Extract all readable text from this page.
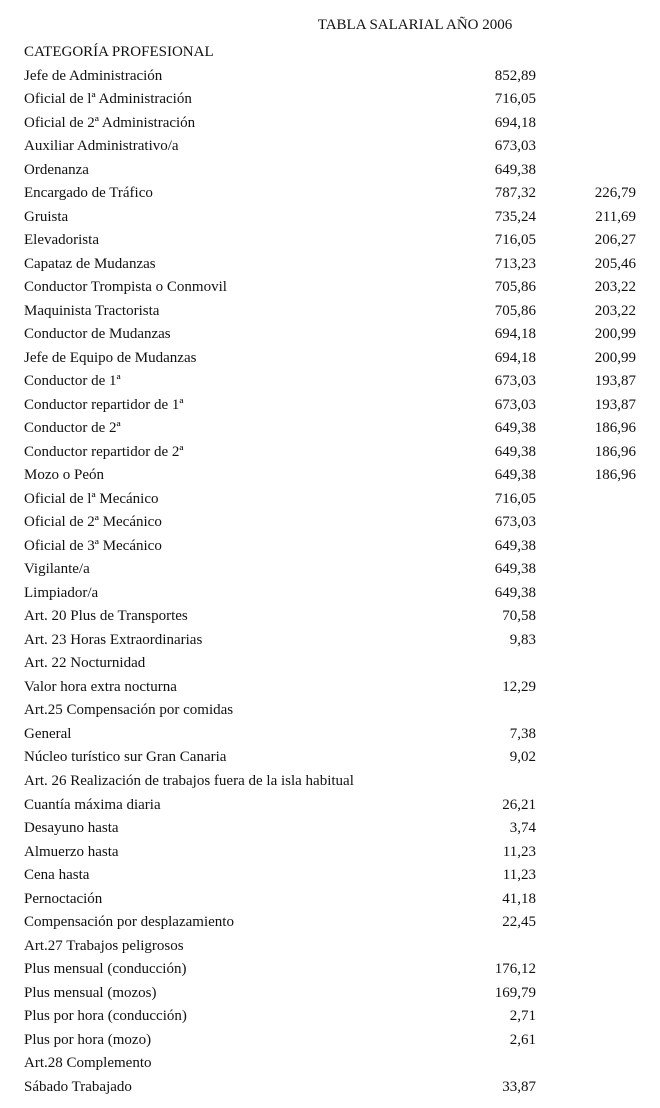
TABLA SALARIAL AÑO 2006
CATEGORÍA PROFESIONAL
Jefe de Administración	852,89
Oficial de lª Administración	716,05
Oficial de 2ª Administración	694,18
Auxiliar Administrativo/a	673,03
Ordenanza	649,38
Encargado de Tráfico	787,32	226,79
Gruista	735,24	211,69
Elevadorista	716,05	206,27
Capataz de Mudanzas	713,23	205,46
Conductor Trompista o Conmovil	705,86	203,22
Maquinista Tractorista	705,86	203,22
Conductor de Mudanzas	694,18	200,99
Jefe de Equipo de Mudanzas	694,18	200,99
Conductor de 1ª	673,03	193,87
Conductor repartidor de 1ª	673,03	193,87
Conductor de 2ª	649,38	186,96
Conductor repartidor de 2ª	649,38	186,96
Mozo o Peón	649,38	186,96
Oficial de lª Mecánico	716,05
Oficial de 2ª Mecánico	673,03
Oficial de 3ª Mecánico	649,38
Vigilante/a	649,38
Limpiador/a	649,38
Art. 20 Plus de Transportes	70,58
Art. 23 Horas Extraordinarias	9,83
Art. 22 Nocturnidad
Valor hora extra nocturna	12,29
Art.25 Compensación por comidas
General	7,38
Núcleo turístico sur Gran Canaria	9,02
Art. 26 Realización de trabajos fuera de la isla habitual
Cuantía máxima diaria	26,21
Desayuno hasta	3,74
Almuerzo hasta	11,23
Cena hasta	11,23
Pernoctación	41,18
Compensación por desplazamiento	22,45
Art.27 Trabajos peligrosos
Plus mensual (conducción)	176,12
Plus mensual (mozos)	169,79
Plus por hora (conducción)	2,71
Plus por hora (mozo)	2,61
Art.28 Complemento
Sábado Trabajado	33,87
